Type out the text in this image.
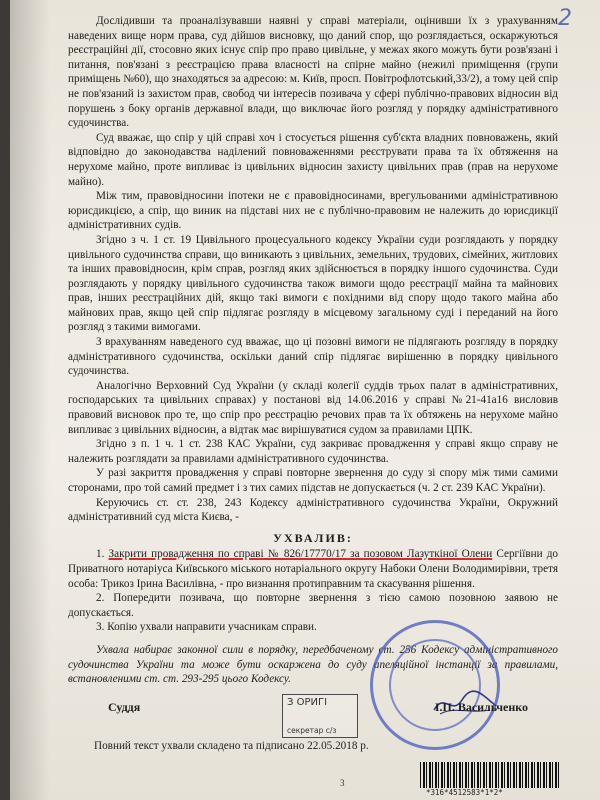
2

Дослідивши та проаналізувавши наявні у справі матеріали, оцінивши їх з урахуванням наведених вище норм права, суд дійшов висновку, що даний спор, що розглядається, оскаржуються реєстраційні дії, стосовно яких існує спір про право цивільне, у межах якого можуть бути розв'язані і питання, пов'язані з реєстрацією права власності на спірне майно (нежилі приміщення (групи приміщень №60), що знаходяться за адресою: м. Київ, просп. Повітрофлотський,33/2), а тому цей спір не пов'язаний із захистом прав, свобод чи інтересів позивача у сфері публічно-правових відносин від порушень з боку органів державної влади, що виключає його розгляд у порядку адміністративного судочинства.

Суд вважає, що спір у цій справі хоч і стосується рішення суб'єкта владних повноважень, який відповідно до законодавства наділений повноваженнями реєструвати права та їх обтяження на нерухоме майно, проте випливає із цивільних відносин захисту цивільних прав (прав на нерухоме майно).

Між тим, правовідносини іпотеки не є правовідносинами, врегульованими адміністративною юрисдикцією, а спір, що виник на підставі них не є публічно-правовим не належить до юрисдикції адміністративних судів.

Згідно з ч. 1 ст. 19 Цивільного процесуального кодексу України суди розглядають у порядку цивільного судочинства справи, що виникають з цивільних, земельних, трудових, сімейних, житлових та інших правовідносин, крім справ, розгляд яких здійснюється в порядку іншого судочинства. Суди розглядають у порядку цивільного судочинства також вимоги щодо реєстрації майна та майнових прав, інших реєстраційних дій, якщо такі вимоги є похідними від спору щодо такого майна або майнових прав, якщо цей спір підлягає розгляду в місцевому загальному суді і переданий на його розгляд з такими вимогами.

З врахуванням наведеного суд вважає, що ці позовні вимоги не підлягають розгляду в порядку адміністративного судочинства, оскільки даний спір підлягає вирішенню в порядку цивільного судочинства.

Аналогічно Верховний Суд України (у складі колегії суддів трьох палат в адміністративних, господарських та цивільних справах) у постанові від 14.06.2016 у справі №21-41а16 висловив правовий висновок про те, що спір про реєстрацію речових прав та їх обтяжень на нерухоме майно випливає з цивільних відносин, а відтак має вирішуватися судом за правилами ЦПК.

Згідно з п. 1 ч. 1 ст. 238 КАС України, суд закриває провадження у справі якщо справу не належить розглядати за правилами адміністративного судочинства.

У разі закриття провадження у справі повторне звернення до суду зі спору між тими самими сторонами, про той самий предмет і з тих самих підстав не допускається (ч. 2 ст. 239 КАС України).

Керуючись ст. ст. 238, 243 Кодексу адміністративного судочинства України, Окружний адміністративний суд міста Києва, -

УХВАЛИВ:

1. Закрити провадження по справі № 826/17770/17 за позовом Лазуткіної Олени Сергіївни до Приватного нотаріуса Київського міського нотаріального округу Набоки Олени Володимирівни, третя особа: Трикоз Ірина Василівна, - про визнання протиправним та скасування рішення.

2. Попередити позивача, що повторне звернення з тією самою позовною заявою не допускається.

3. Копію ухвали направити учасникам справи.

Ухвала набирає законної сили в порядку, передбаченому ст. 256 Кодексу адміністративного судочинства України та може бути оскаржена до суду апеляційної інстанції за правилами, встановленими ст. ст. 293-295 цього Кодексу.

З ОРИГІ
секретар с/з
Суддя	І.П. Васильченко
Повний текст ухвали складено та підписано 22.05.2018 р.
3
*316*4512583*1*2*
